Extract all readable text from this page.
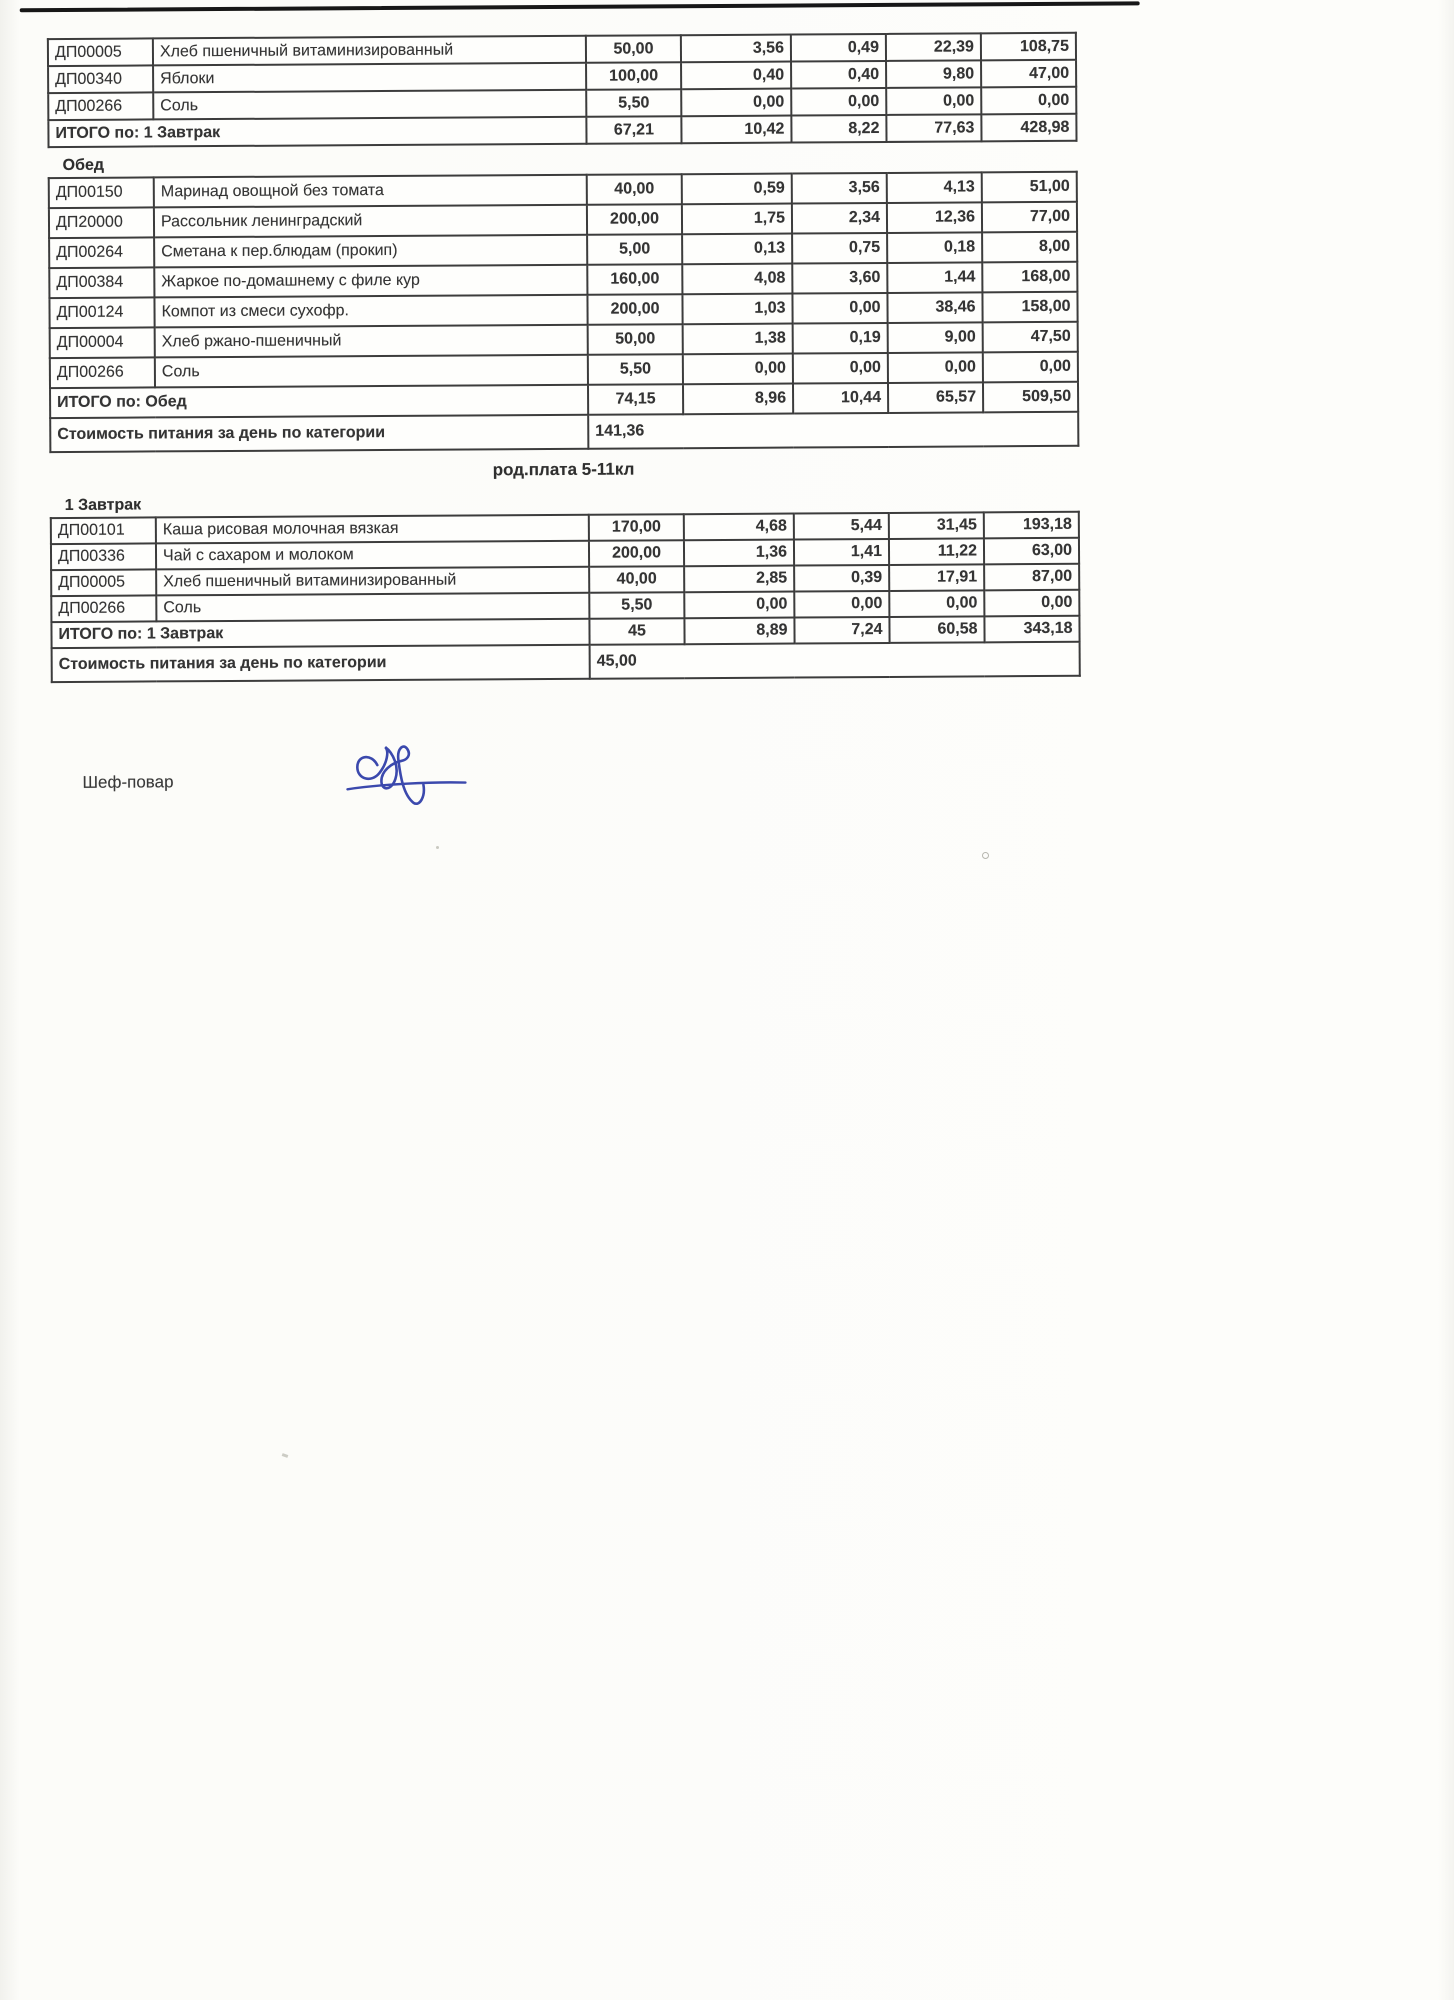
ДП00005	Хлеб пшеничный витаминизированный	50,00	3,56	0,49	22,39	108,75
ДП00340	Яблоки	100,00	0,40	0,40	9,80	47,00
ДП00266	Соль	5,50	0,00	0,00	0,00	0,00
ИТОГО по: 1 Завтрак		67,21	10,42	8,22	77,63	428,98
Обед
ДП00150	Маринад овощной без томата	40,00	0,59	3,56	4,13	51,00
ДП20000	Рассольник ленинградский	200,00	1,75	2,34	12,36	77,00
ДП00264	Сметана к пер.блюдам (прокип)	5,00	0,13	0,75	0,18	8,00
ДП00384	Жаркое по-домашнему с филе кур	160,00	4,08	3,60	1,44	168,00
ДП00124	Компот из смеси сухофр.	200,00	1,03	0,00	38,46	158,00
ДП00004	Хлеб ржано-пшеничный	50,00	1,38	0,19	9,00	47,50
ДП00266	Соль	5,50	0,00	0,00	0,00	0,00
ИТОГО по: Обед		74,15	8,96	10,44	65,57	509,50
Стоимость питания за день по категории		141,36				
род.плата 5-11кл
1 Завтрак
ДП00101	Каша рисовая молочная вязкая	170,00	4,68	5,44	31,45	193,18
ДП00336	Чай с сахаром и молоком	200,00	1,36	1,41	11,22	63,00
ДП00005	Хлеб пшеничный витаминизированный	40,00	2,85	0,39	17,91	87,00
ДП00266	Соль	5,50	0,00	0,00	0,00	0,00
ИТОГО по: 1 Завтрак		45	8,89	7,24	60,58	343,18
Стоимость питания за день по категории		45,00				
Шеф-повар
